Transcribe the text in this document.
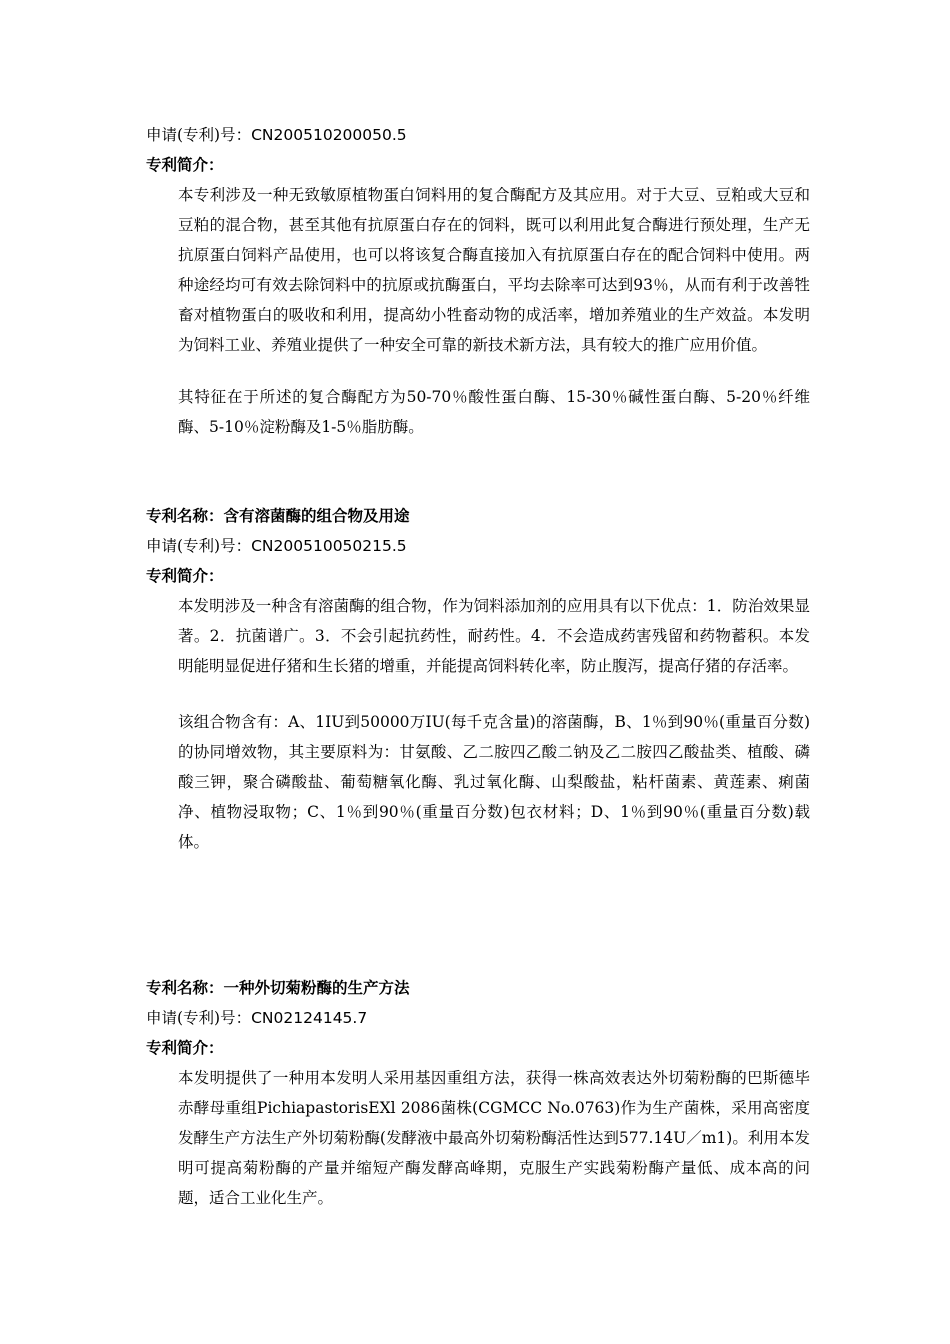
申请(专利)号：CN200510200050.5
专利简介：

本专利涉及一种无致敏原植物蛋白饲料用的复合酶配方及其应用。对于大豆、豆粕或大豆和豆粕的混合物，甚至其他有抗原蛋白存在的饲料，既可以利用此复合酶进行预处理，生产无抗原蛋白饲料产品使用，也可以将该复合酶直接加入有抗原蛋白存在的配合饲料中使用。两种途经均可有效去除饲料中的抗原或抗酶蛋白，平均去除率可达到93％，从而有利于改善牲畜对植物蛋白的吸收和利用，提高幼小牲畜动物的成活率，增加养殖业的生产效益。本发明为饲料工业、养殖业提供了一种安全可靠的新技术新方法，具有较大的推广应用价值。

其特征在于所述的复合酶配方为50-70％酸性蛋白酶、15-30％碱性蛋白酶、5-20％纤维酶、5-10％淀粉酶及1-5％脂肪酶。

专利名称：含有溶菌酶的组合物及用途
申请(专利)号：CN200510050215.5
专利简介：

本发明涉及一种含有溶菌酶的组合物，作为饲料添加剂的应用具有以下优点：1．防治效果显著。2．抗菌谱广。3．不会引起抗药性，耐药性。4．不会造成药害残留和药物蓄积。本发明能明显促进仔猪和生长猪的增重，并能提高饲料转化率，防止腹泻，提高仔猪的存活率。

该组合物含有：A、1IU到50000万IU(每千克含量)的溶菌酶，B、1％到90％(重量百分数)的协同增效物，其主要原料为：甘氨酸、乙二胺四乙酸二钠及乙二胺四乙酸盐类、植酸、磷酸三钾，聚合磷酸盐、葡萄糖氧化酶、乳过氧化酶、山梨酸盐，粘杆菌素、黄莲素、痢菌净、植物浸取物；C、1％到90％(重量百分数)包衣材料；D、1％到90％(重量百分数)载体。

专利名称：一种外切菊粉酶的生产方法
申请(专利)号：CN02124145.7
专利简介：

本发明提供了一种用本发明人采用基因重组方法，获得一株高效表达外切菊粉酶的巴斯德毕赤酵母重组PichiapastorisEXl 2086菌株(CGMCC No.0763)作为生产菌株，采用高密度发酵生产方法生产外切菊粉酶(发酵液中最高外切菊粉酶活性达到577.14U／m1)。利用本发明可提高菊粉酶的产量并缩短产酶发酵高峰期，克服生产实践菊粉酶产量低、成本高的问题，适合工业化生产。
